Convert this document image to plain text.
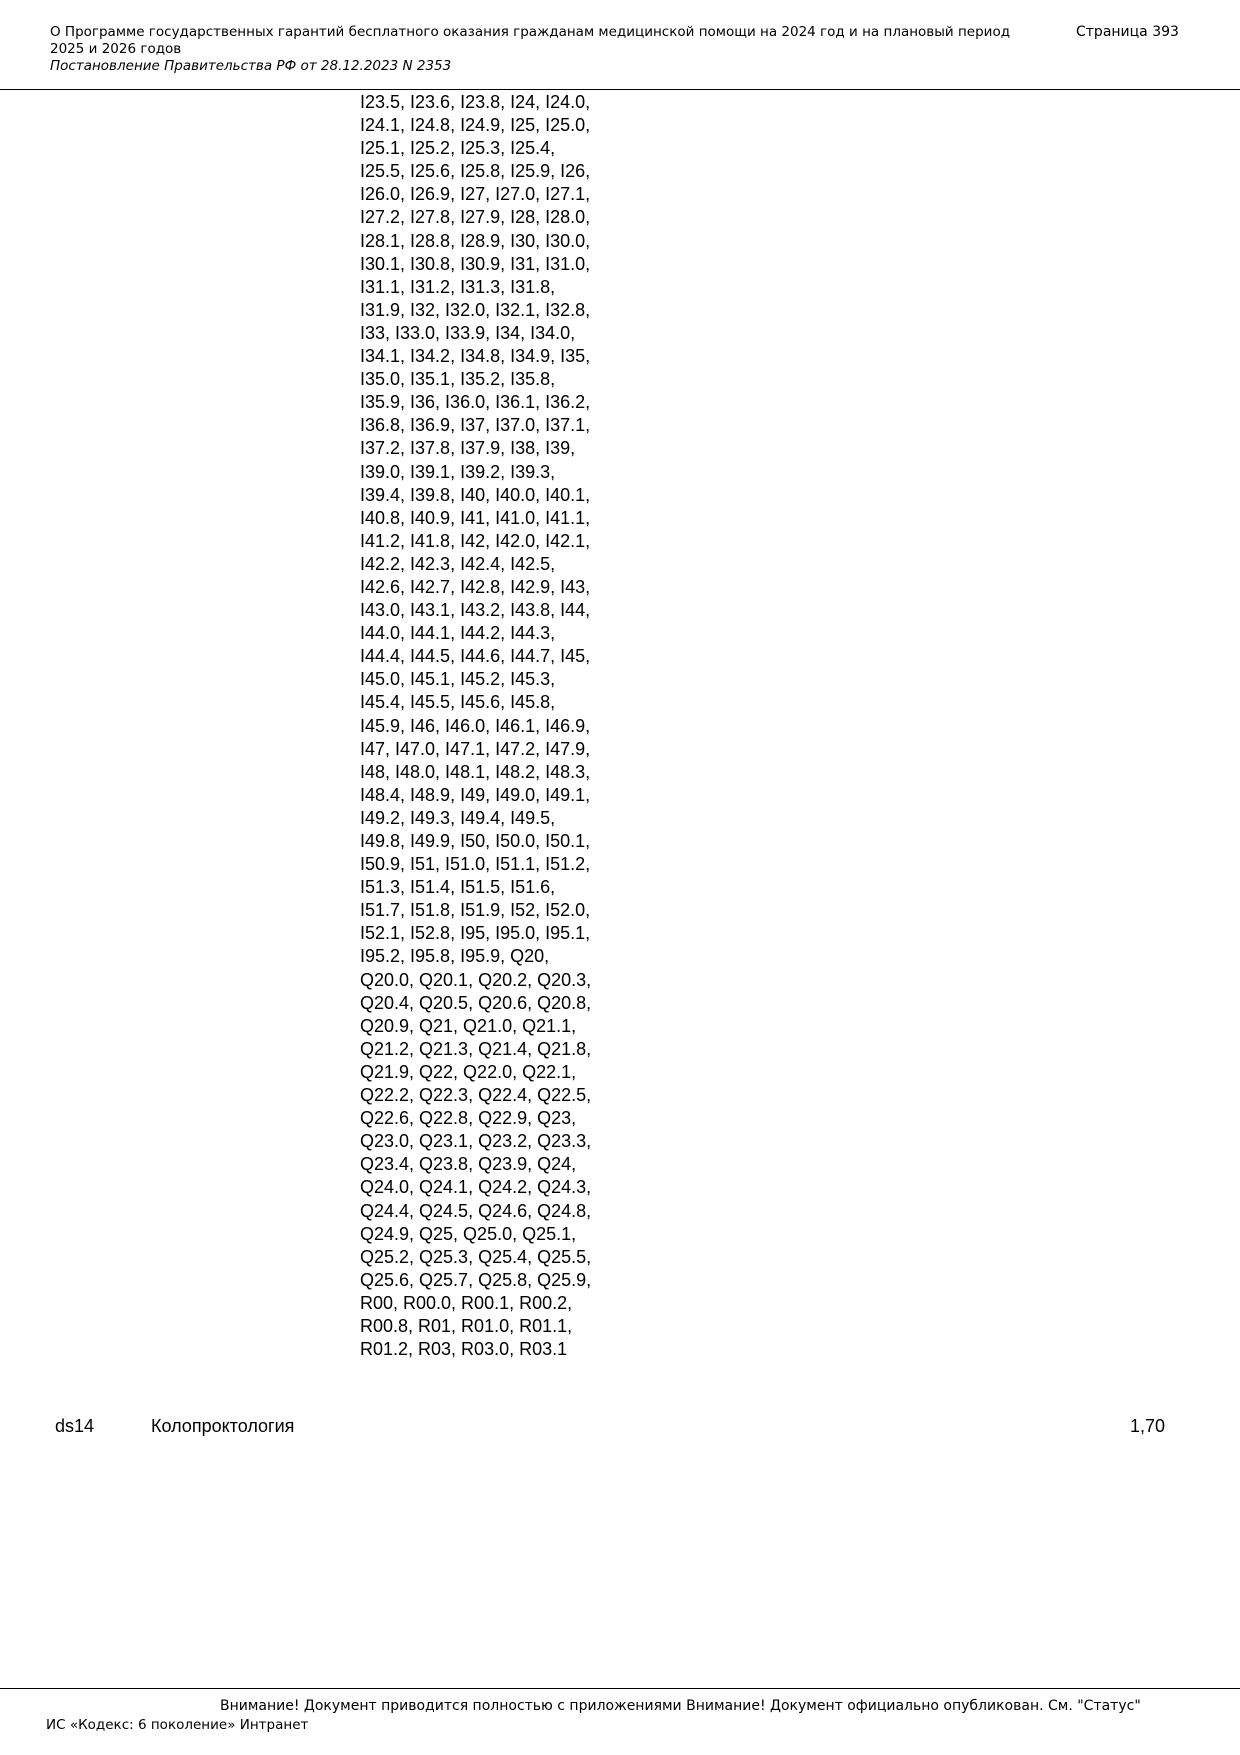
О Программе государственных гарантий бесплатного оказания гражданам медицинской помощи на 2024 год и на плановый период 2025 и 2026 годов

Постановление Правительства РФ от 28.12.2023 N 2353

Страница 393
I23.5, I23.6, I23.8, I24, I24.0,
I24.1, I24.8, I24.9, I25, I25.0,
I25.1, I25.2, I25.3, I25.4,
I25.5, I25.6, I25.8, I25.9, I26,
I26.0, I26.9, I27, I27.0, I27.1,
I27.2, I27.8, I27.9, I28, I28.0,
I28.1, I28.8, I28.9, I30, I30.0,
I30.1, I30.8, I30.9, I31, I31.0,
I31.1, I31.2, I31.3, I31.8,
I31.9, I32, I32.0, I32.1, I32.8,
I33, I33.0, I33.9, I34, I34.0,
I34.1, I34.2, I34.8, I34.9, I35,
I35.0, I35.1, I35.2, I35.8,
I35.9, I36, I36.0, I36.1, I36.2,
I36.8, I36.9, I37, I37.0, I37.1,
I37.2, I37.8, I37.9, I38, I39,
I39.0, I39.1, I39.2, I39.3,
I39.4, I39.8, I40, I40.0, I40.1,
I40.8, I40.9, I41, I41.0, I41.1,
I41.2, I41.8, I42, I42.0, I42.1,
I42.2, I42.3, I42.4, I42.5,
I42.6, I42.7, I42.8, I42.9, I43,
I43.0, I43.1, I43.2, I43.8, I44,
I44.0, I44.1, I44.2, I44.3,
I44.4, I44.5, I44.6, I44.7, I45,
I45.0, I45.1, I45.2, I45.3,
I45.4, I45.5, I45.6, I45.8,
I45.9, I46, I46.0, I46.1, I46.9,
I47, I47.0, I47.1, I47.2, I47.9,
I48, I48.0, I48.1, I48.2, I48.3,
I48.4, I48.9, I49, I49.0, I49.1,
I49.2, I49.3, I49.4, I49.5,
I49.8, I49.9, I50, I50.0, I50.1,
I50.9, I51, I51.0, I51.1, I51.2,
I51.3, I51.4, I51.5, I51.6,
I51.7, I51.8, I51.9, I52, I52.0,
I52.1, I52.8, I95, I95.0, I95.1,
I95.2, I95.8, I95.9, Q20,
Q20.0, Q20.1, Q20.2, Q20.3,
Q20.4, Q20.5, Q20.6, Q20.8,
Q20.9, Q21, Q21.0, Q21.1,
Q21.2, Q21.3, Q21.4, Q21.8,
Q21.9, Q22, Q22.0, Q22.1,
Q22.2, Q22.3, Q22.4, Q22.5,
Q22.6, Q22.8, Q22.9, Q23,
Q23.0, Q23.1, Q23.2, Q23.3,
Q23.4, Q23.8, Q23.9, Q24,
Q24.0, Q24.1, Q24.2, Q24.3,
Q24.4, Q24.5, Q24.6, Q24.8,
Q24.9, Q25, Q25.0, Q25.1,
Q25.2, Q25.3, Q25.4, Q25.5,
Q25.6, Q25.7, Q25.8, Q25.9,
R00, R00.0, R00.1, R00.2,
R00.8, R01, R01.0, R01.1,
R01.2, R03, R03.0, R03.1
ds14	Колопроктология	1,70
Внимание! Документ приводится полностью с приложениями Внимание! Документ официально опубликован. См. "Статус"
ИС «Кодекс: 6 поколение» Интранет
